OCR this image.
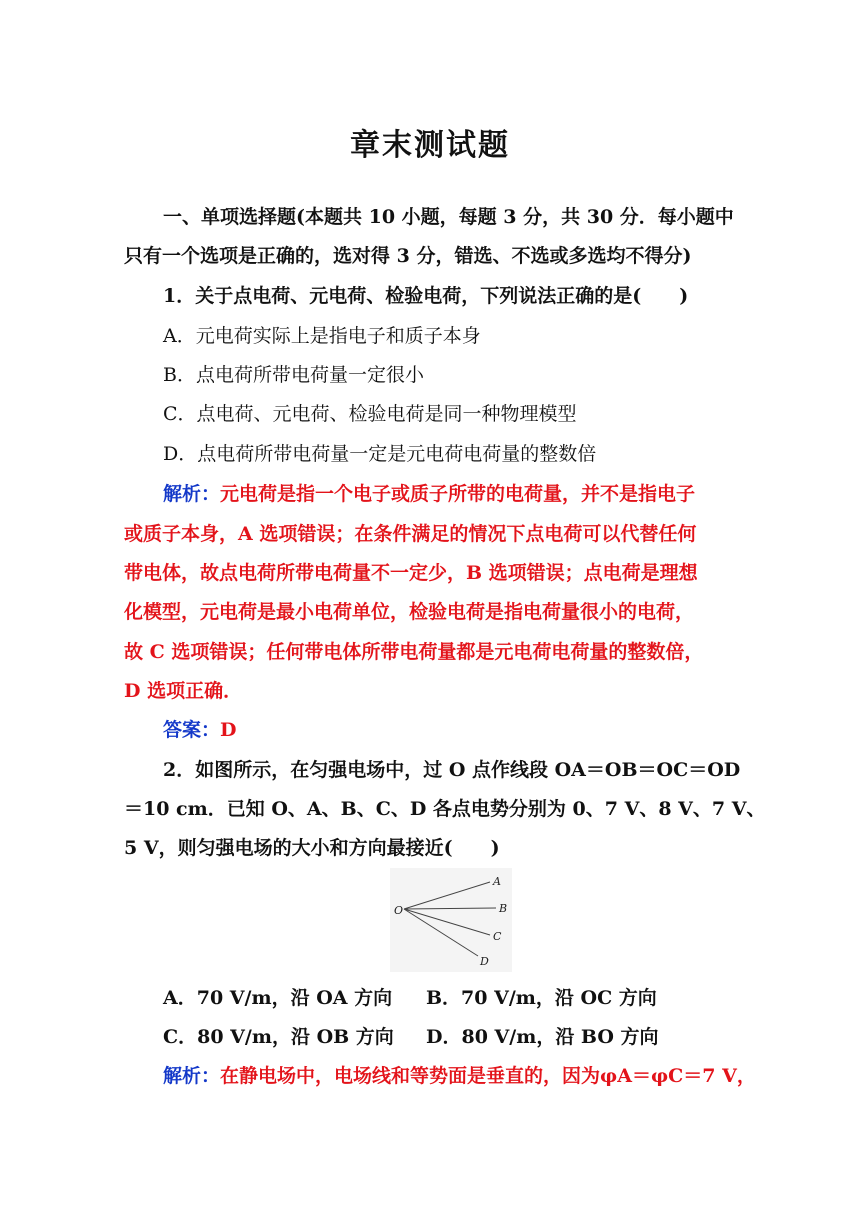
章末测试题
一、单项选择题(本题共 10 小题，每题 3 分，共 30 分．每小题中
只有一个选项是正确的，选对得 3 分，错选、不选或多选均不得分)
1．关于点电荷、元电荷、检验电荷，下列说法正确的是(　　)
A．元电荷实际上是指电子和质子本身
B．点电荷所带电荷量一定很小
C．点电荷、元电荷、检验电荷是同一种物理模型
D．点电荷所带电荷量一定是元电荷电荷量的整数倍
解析：元电荷是指一个电子或质子所带的电荷量，并不是指电子
或质子本身，A 选项错误；在条件满足的情况下点电荷可以代替任何
带电体，故点电荷所带电荷量不一定少，B 选项错误；点电荷是理想
化模型，元电荷是最小电荷单位，检验电荷是指电荷量很小的电荷，
故 C 选项错误；任何带电体所带电荷量都是元电荷电荷量的整数倍，
D 选项正确．
答案：D
2．如图所示，在匀强电场中，过 O 点作线段 OA＝OB＝OC＝OD
＝10 cm．已知 O、A、B、C、D 各点电势分别为 0、7 V、8 V、7 V、
5 V，则匀强电场的大小和方向最接近(　　)
O
A
B
C
D
A．70 V/m，沿 OA 方向 B．70 V/m，沿 OC 方向
C．80 V/m，沿 OB 方向 D．80 V/m，沿 BO 方向
解析：在静电场中，电场线和等势面是垂直的，因为φA＝φC＝7 V，
